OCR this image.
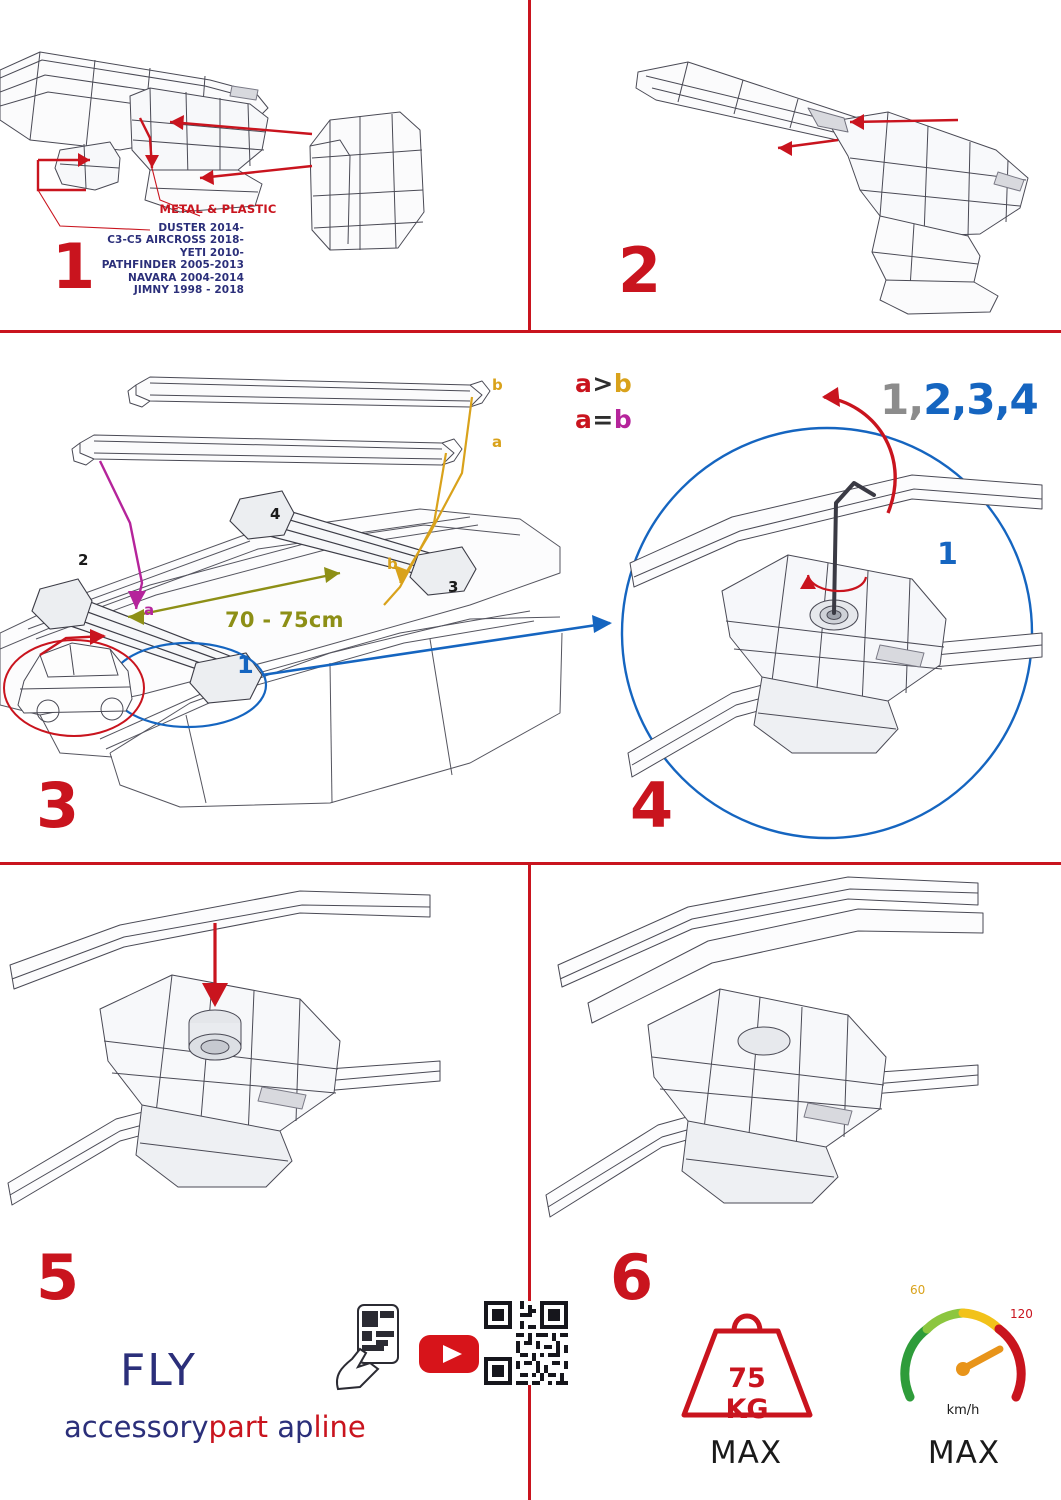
METAL & PLASTIC
DUSTER 2014-
C3-C5 AIRCROSS 2018-
YETI 2010-
PATHFINDER 2005-2013
NAVARA 2004-2014
JIMNY 1998 - 2018
1	2
b
a
b
a
a>b
a=b
2
4
3
1
70 - 75cm
3
1,2,3,4
1
4
5
FLY
accessorypart apline
6
75 KG
MAX
60
120
km/h
MAX
